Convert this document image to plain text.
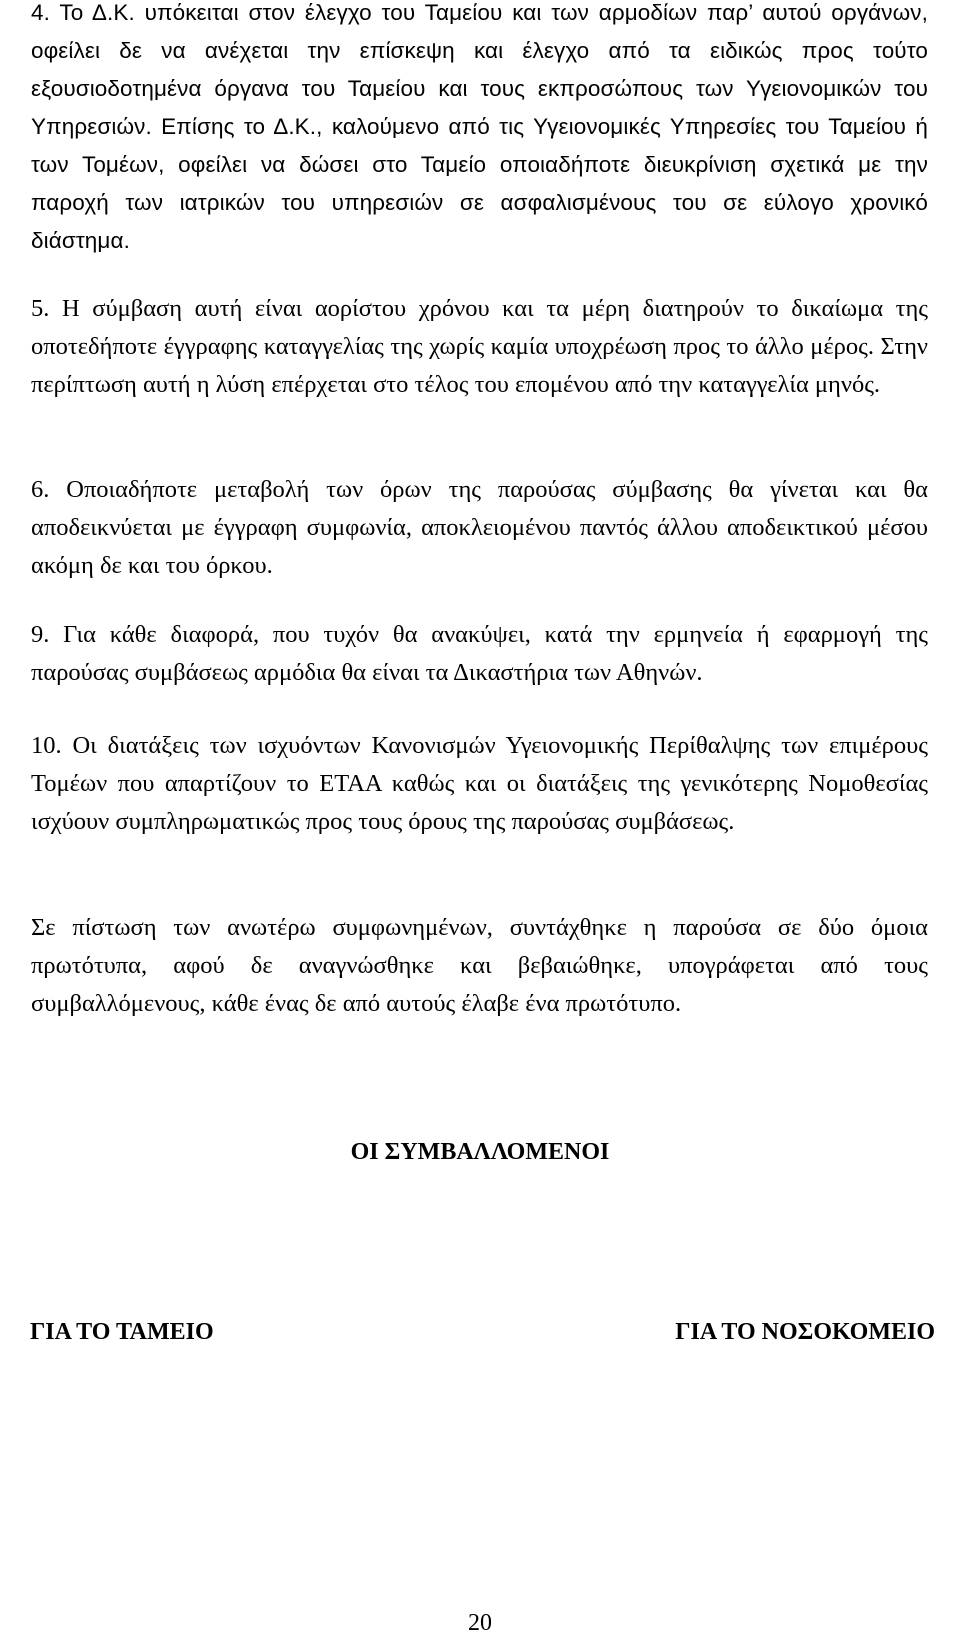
4. Το Δ.Κ. υπόκειται στον έλεγχο του Ταμείου και των αρμοδίων παρ’ αυτού οργάνων, οφείλει δε να ανέχεται την επίσκεψη και έλεγχο από τα ειδικώς προς τούτο εξουσιοδοτημένα όργανα του Ταμείου και τους εκπροσώπους των Υγειονομικών του Υπηρεσιών. Επίσης το Δ.Κ., καλούμενο από τις Υγειονομικές Υπηρεσίες του Ταμείου ή των Τομέων, οφείλει να δώσει στο Ταμείο οποιαδήποτε διευκρίνιση σχετικά με την παροχή των ιατρικών του υπηρεσιών σε ασφαλισμένους του σε εύλογο χρονικό διάστημα.

5. Η σύμβαση αυτή είναι αορίστου χρόνου και τα μέρη διατηρούν το δικαίωμα της οποτεδήποτε έγγραφης καταγγελίας της χωρίς καμία υποχρέωση προς το άλλο μέρος. Στην περίπτωση αυτή η λύση επέρχεται στο τέλος του επομένου από την καταγγελία μηνός.

6. Οποιαδήποτε μεταβολή των όρων της παρούσας σύμβασης θα γίνεται και θα αποδεικνύεται με έγγραφη συμφωνία, αποκλειομένου παντός άλλου αποδεικτικού μέσου ακόμη δε και του όρκου.

9. Για κάθε διαφορά, που τυχόν θα ανακύψει, κατά την ερμηνεία ή εφαρμογή της παρούσας συμβάσεως αρμόδια θα είναι τα Δικαστήρια των Αθηνών.

10. Οι διατάξεις των ισχυόντων Κανονισμών Υγειονομικής Περίθαλψης των επιμέρους Τομέων που απαρτίζουν το ΕΤΑΑ καθώς και οι διατάξεις της γενικότερης Νομοθεσίας ισχύουν συμπληρωματικώς προς τους όρους της παρούσας συμβάσεως.

Σε πίστωση των ανωτέρω συμφωνημένων, συντάχθηκε η παρούσα σε δύο όμοια πρωτότυπα, αφού δε αναγνώσθηκε και βεβαιώθηκε, υπογράφεται από τους συμβαλλόμενους, κάθε ένας δε από αυτούς έλαβε ένα πρωτότυπο.

ΟΙ ΣΥΜΒΑΛΛΟΜΕΝΟΙ

ΓΙΑ ΤΟ ΤΑΜΕΙΟ	ΓΙΑ ΤΟ ΝΟΣΟΚΟΜΕΙΟ

20
